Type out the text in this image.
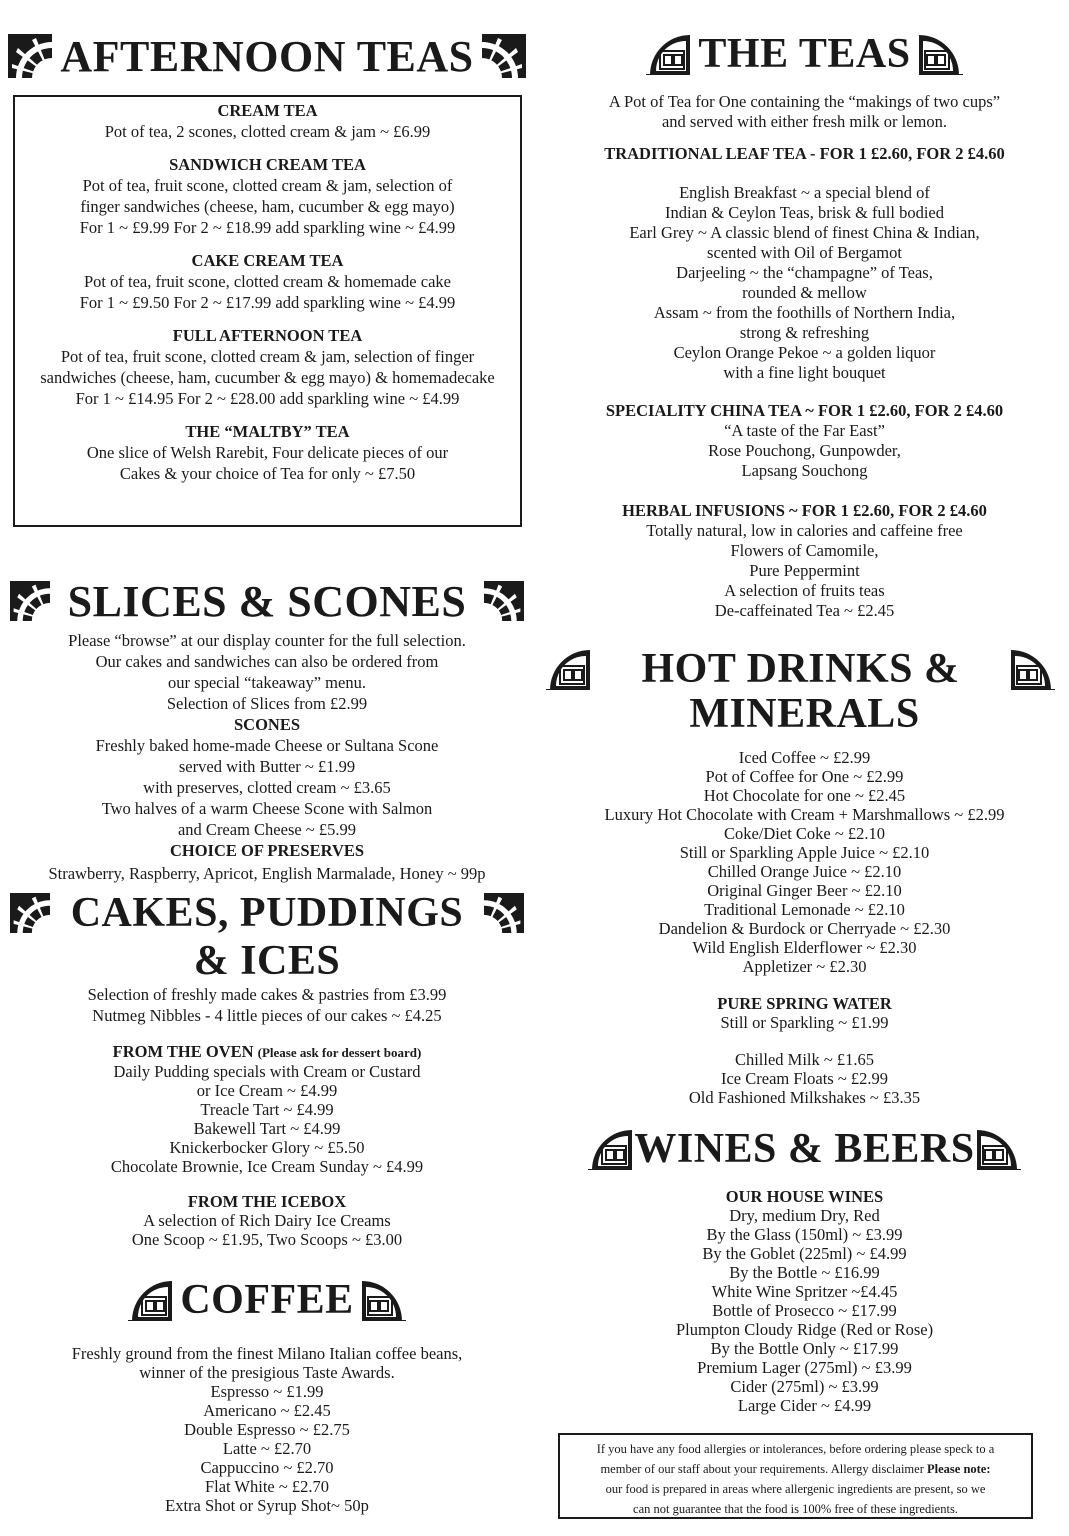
AFTERNOON TEAS
CREAM TEA
Pot of tea, 2 scones, clotted cream & jam ~ £6.99
SANDWICH CREAM TEA
Pot of tea, fruit scone, clotted cream & jam, selection of
finger sandwiches (cheese, ham, cucumber & egg mayo)
For 1 ~ £9.99 For 2 ~ £18.99 add sparkling wine ~ £4.99
CAKE CREAM TEA
Pot of tea, fruit scone, clotted cream & homemade cake
For 1 ~ £9.50 For 2 ~ £17.99 add sparkling wine ~ £4.99
FULL AFTERNOON TEA
Pot of tea, fruit scone, clotted cream & jam, selection of finger
sandwiches (cheese, ham, cucumber & egg mayo) & homemadecake
For 1 ~ £14.95 For 2 ~ £28.00 add sparkling wine ~ £4.99
THE “MALTBY” TEA
One slice of Welsh Rarebit, Four delicate pieces of our
Cakes & your choice of Tea for only ~ £7.50
SLICES & SCONES
Please “browse” at our display counter for the full selection.
Our cakes and sandwiches can also be ordered from
our special “takeaway” menu.
Selection of Slices from £2.99
SCONES
Freshly baked home-made Cheese or Sultana Scone
served with Butter ~ £1.99
with preserves, clotted cream ~ £3.65
Two halves of a warm Cheese Scone with Salmon
and Cream Cheese ~ £5.99
CHOICE OF PRESERVES
Strawberry, Raspberry, Apricot, English Marmalade, Honey ~ 99p
CAKES, PUDDINGS
& ICES
Selection of freshly made cakes & pastries from £3.99
Nutmeg Nibbles - 4 little pieces of our cakes ~ £4.25
FROM THE OVEN (Please ask for dessert board)
Daily Pudding specials with Cream or Custard
or Ice Cream ~ £4.99
Treacle Tart ~ £4.99
Bakewell Tart ~ £4.99
Knickerbocker Glory ~ £5.50
Chocolate Brownie, Ice Cream Sunday ~ £4.99
FROM THE ICEBOX
A selection of Rich Dairy Ice Creams
One Scoop ~ £1.95, Two Scoops ~ £3.00
COFFEE
Freshly ground from the finest Milano Italian coffee beans,
winner of the presigious Taste Awards.
Espresso ~ £1.99
Americano ~ £2.45
Double Espresso ~ £2.75
Latte ~ £2.70
Cappuccino ~ £2.70
Flat White ~ £2.70
Extra Shot or Syrup Shot~ 50p
THE TEAS
A Pot of Tea for One containing the “makings of two cups”
and served with either fresh milk or lemon.
TRADITIONAL LEAF TEA - FOR 1 £2.60, FOR 2 £4.60
English Breakfast ~ a special blend of
Indian & Ceylon Teas, brisk & full bodied
Earl Grey ~ A classic blend of finest China & Indian,
scented with Oil of Bergamot
Darjeeling ~ the “champagne” of Teas,
rounded & mellow
Assam ~ from the foothills of Northern India,
strong & refreshing
Ceylon Orange Pekoe ~ a golden liquor
with a fine light bouquet
SPECIALITY CHINA TEA ~ FOR 1 £2.60, FOR 2 £4.60
“A taste of the Far East”
Rose Pouchong, Gunpowder,
Lapsang Souchong
HERBAL INFUSIONS ~ FOR 1 £2.60, FOR 2 £4.60
Totally natural, low in calories and caffeine free
Flowers of Camomile,
Pure Peppermint
A selection of fruits teas
De-caffeinated Tea ~ £2.45
HOT DRINKS &
MINERALS
Iced Coffee ~ £2.99
Pot of Coffee for One ~ £2.99
Hot Chocolate for one ~ £2.45
Luxury Hot Chocolate with Cream + Marshmallows ~ £2.99
Coke/Diet Coke ~ £2.10
Still or Sparkling Apple Juice ~ £2.10
Chilled Orange Juice ~ £2.10
Original Ginger Beer ~ £2.10
Traditional Lemonade ~ £2.10
Dandelion & Burdock or Cherryade ~ £2.30
Wild English Elderflower ~ £2.30
Appletizer ~ £2.30
PURE SPRING WATER
Still or Sparkling ~ £1.99
Chilled Milk ~ £1.65
Ice Cream Floats ~ £2.99
Old Fashioned Milkshakes ~ £3.35
WINES & BEERS
OUR HOUSE WINES
Dry, medium Dry, Red
By the Glass (150ml) ~ £3.99
By the Goblet (225ml) ~ £4.99
By the Bottle ~ £16.99
White Wine Spritzer ~£4.45
Bottle of Prosecco ~ £17.99
Plumpton Cloudy Ridge (Red or Rose)
By the Bottle Only ~ £17.99
Premium Lager (275ml) ~ £3.99
Cider (275ml) ~ £3.99
Large Cider ~ £4.99
If you have any food allergies or intolerances, before ordering please speck to a
member of our staff about your requirements. Allergy disclaimer Please note:
our food is prepared in areas where allergenic ingredients are present, so we
can not guarantee that the food is 100% free of these ingredients.
